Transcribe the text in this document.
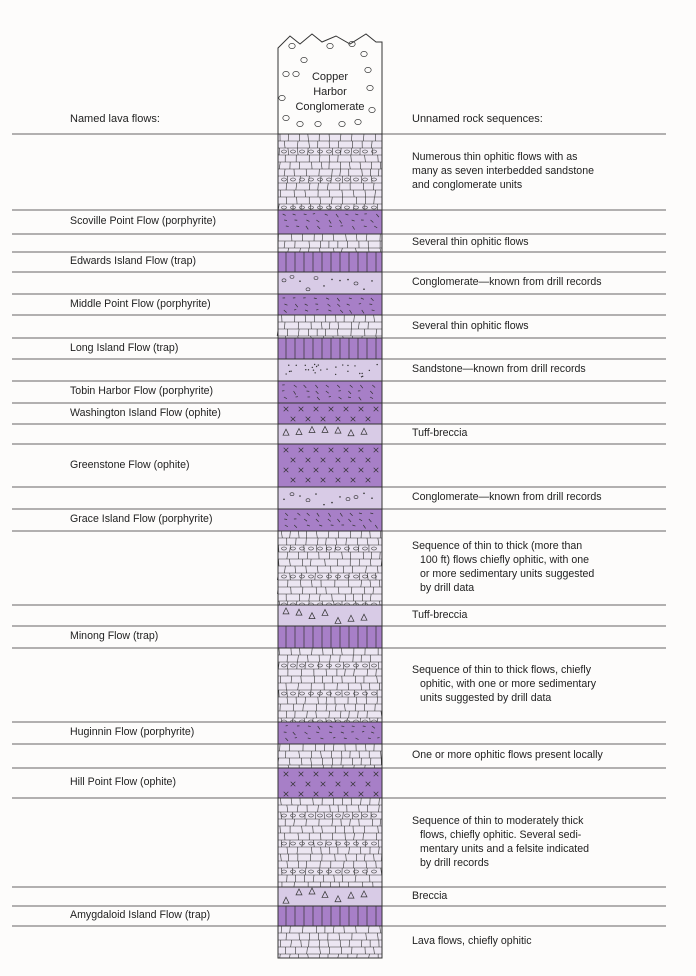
Named lava flows:	Unnamed rock sequences:
Copper
Harbor
Conglomerate
Numerous thin ophitic flows with as
many as seven interbedded sandstone
and conglomerate units
Scoville Point Flow (porphyrite)
Several thin ophitic flows
Edwards Island Flow (trap)
Conglomerate—known from drill records
Middle Point Flow (porphyrite)
Several thin ophitic flows
Long Island Flow (trap)
Sandstone—known from drill records
Tobin Harbor Flow (porphyrite)
Washington Island Flow (ophite)
Tuff-breccia
Greenstone Flow (ophite)
Conglomerate—known from drill records
Grace Island Flow (porphyrite)
Sequence of thin to thick (more than
100 ft) flows chiefly ophitic, with one
or more sedimentary units suggested
by drill data
Tuff-breccia
Minong Flow (trap)
Sequence of thin to thick flows, chiefly
ophitic, with one or more sedimentary
units suggested by drill data
Huginnin Flow (porphyrite)
One or more ophitic flows present locally
Hill Point Flow (ophite)
Sequence of thin to moderately thick
flows, chiefly ophitic. Several sedi-
mentary units and a felsite indicated
by drill records
Breccia
Amygdaloid Island Flow (trap)
Lava flows, chiefly ophitic
